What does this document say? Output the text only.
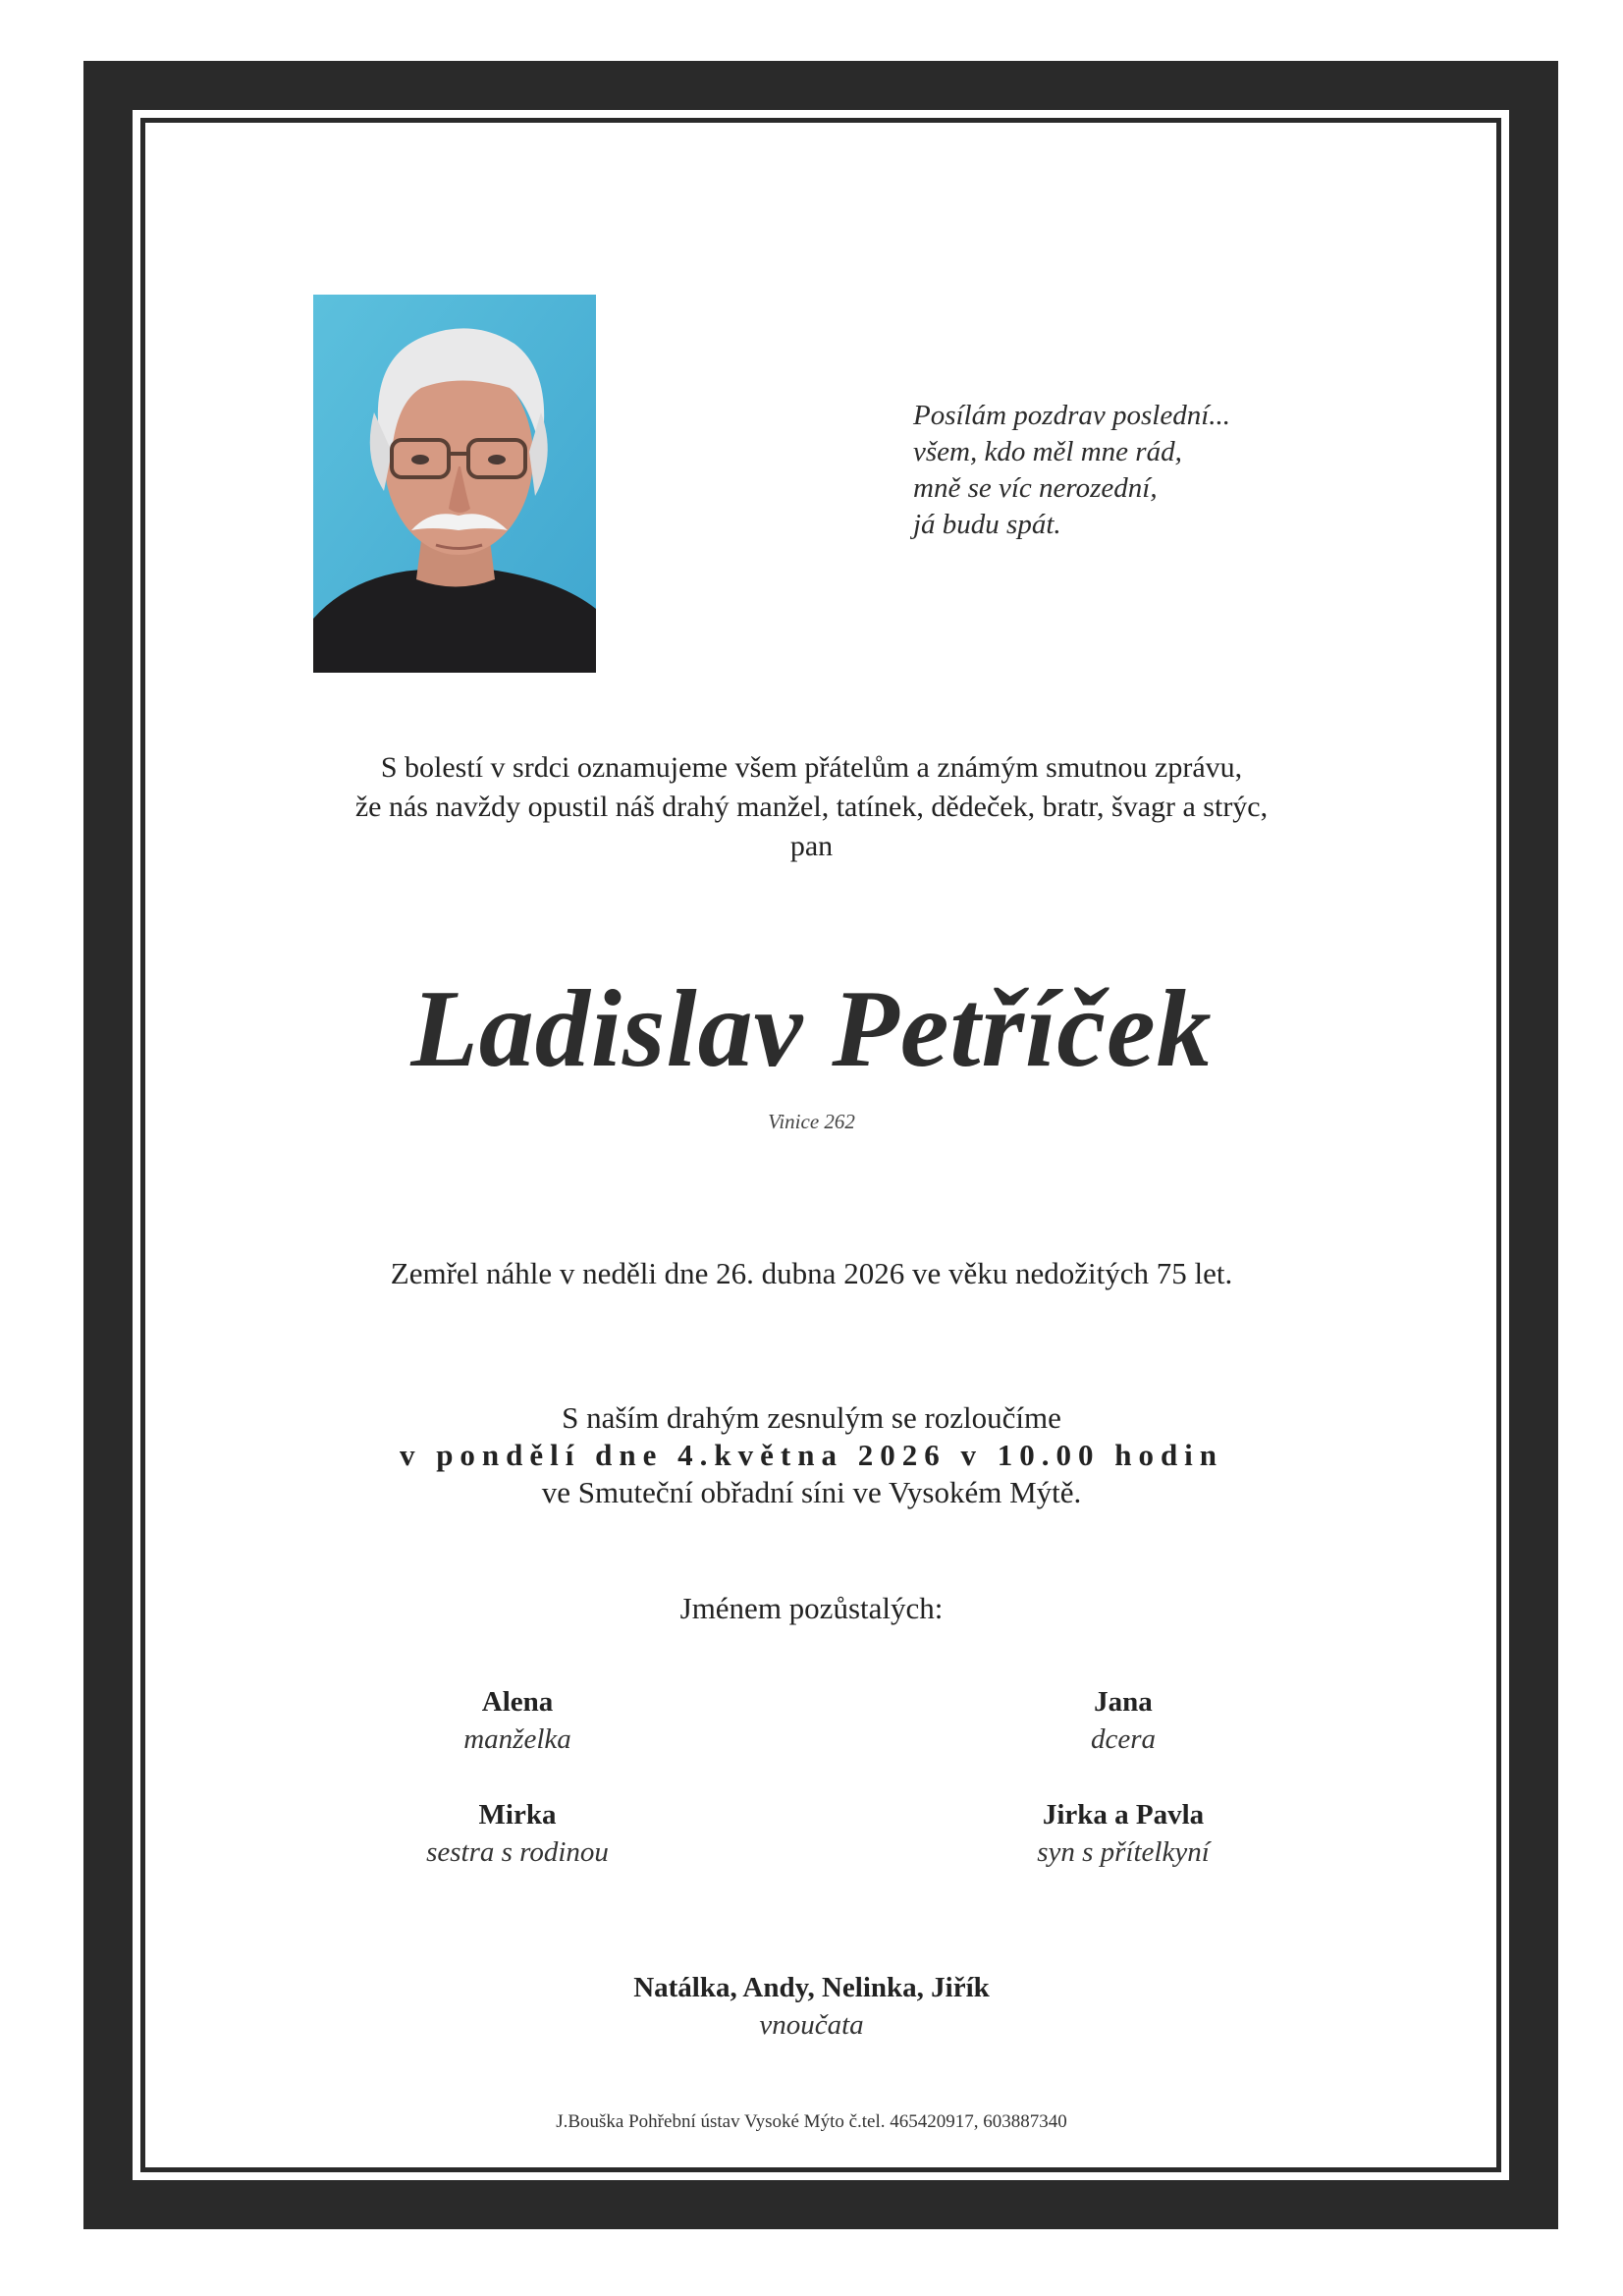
Posílám pozdrav poslední...
všem, kdo měl mne rád,
mně se víc nerozední,
já budu spát.
S bolestí v srdci oznamujeme všem přátelům a známým smutnou zprávu,
že nás navždy opustil náš drahý manžel, tatínek, dědeček, bratr, švagr a strýc,
pan
Ladislav Petříček
Vinice 262
Zemřel náhle v neděli dne 26. dubna 2026 ve věku nedožitých 75 let.
S naším drahým zesnulým se rozloučíme
v pondělí dne 4.května 2026 v 10.00 hodin
ve Smuteční obřadní síni ve Vysokém Mýtě.
Jménem pozůstalých:
Alena
manželka
Jana
dcera
Mirka
sestra s rodinou
Jirka a Pavla
syn s přítelkyní
Natálka, Andy, Nelinka, Jiřík
vnoučata
J.Bouška Pohřební ústav Vysoké Mýto č.tel. 465420917, 603887340
